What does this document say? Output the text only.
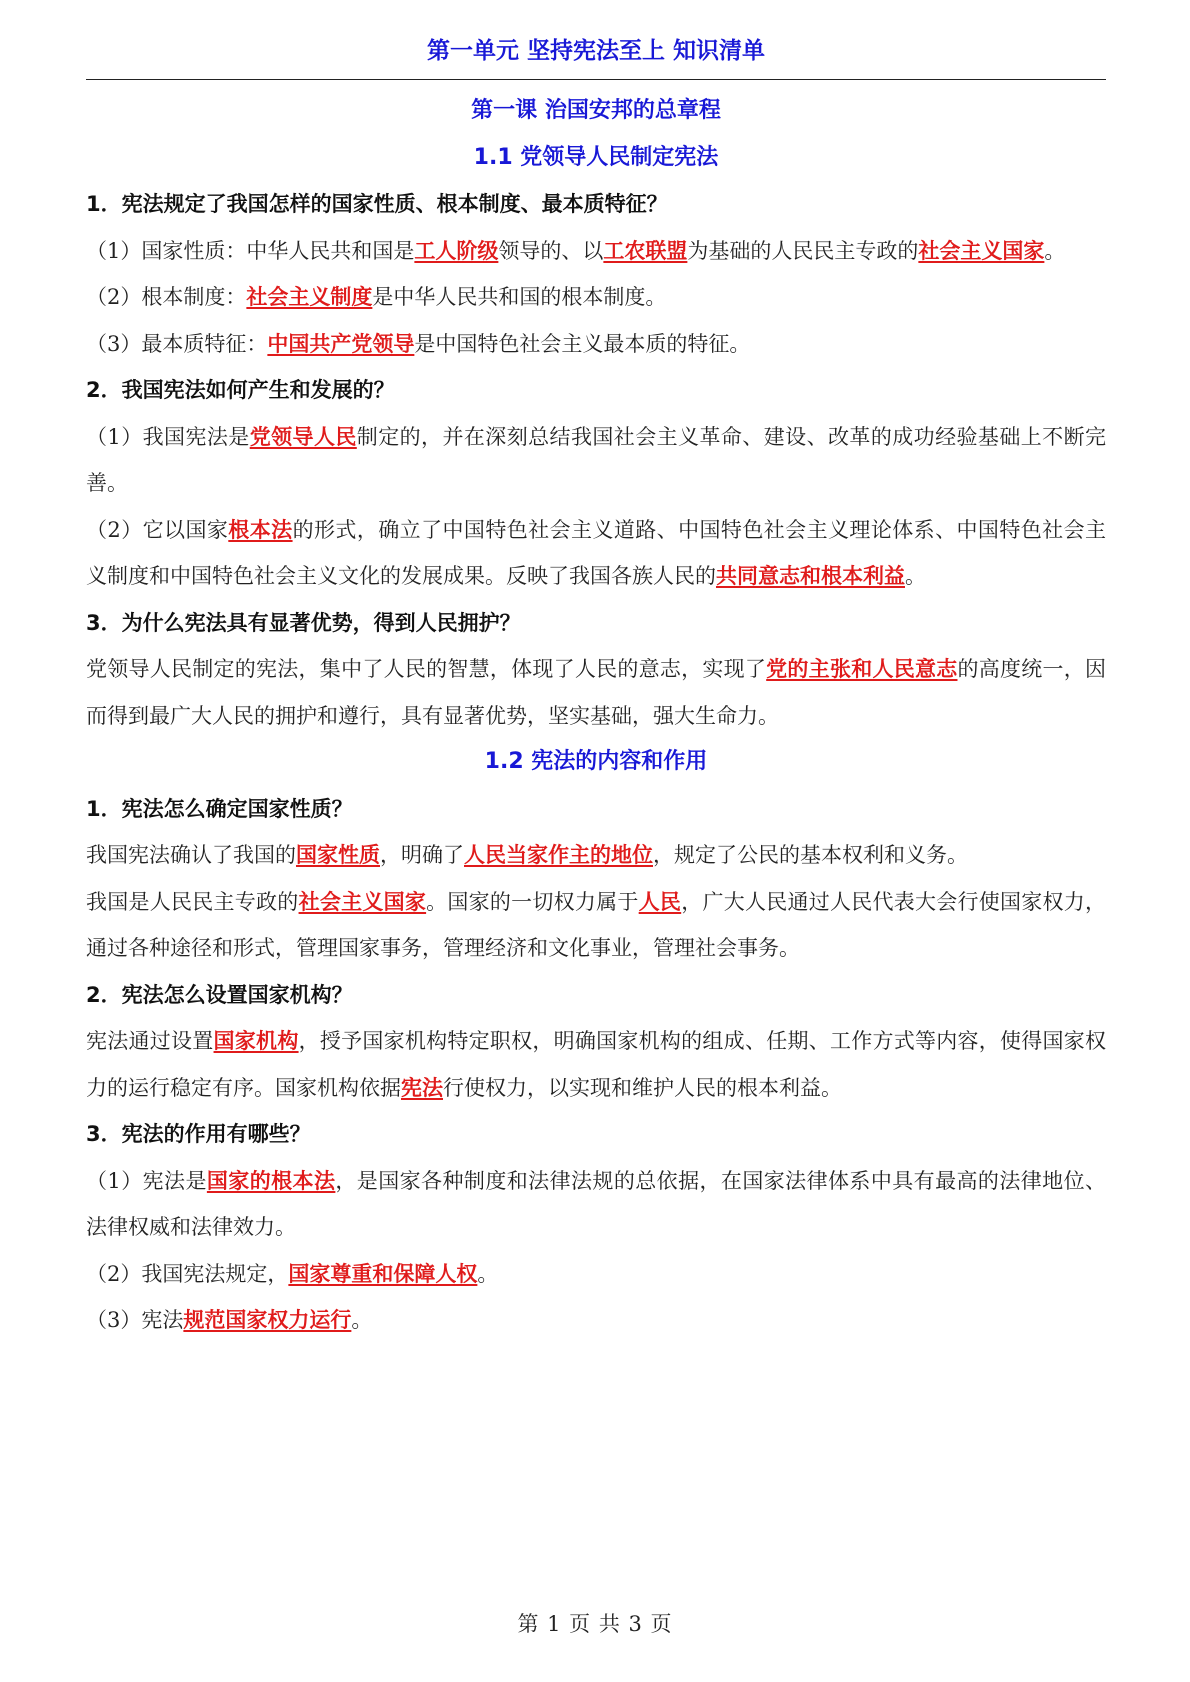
第一单元 坚持宪法至上 知识清单
第一课 治国安邦的总章程
1.1 党领导人民制定宪法
1．宪法规定了我国怎样的国家性质、根本制度、最本质特征？
（1）国家性质：中华人民共和国是工人阶级领导的、以工农联盟为基础的人民民主专政的社会主义国家。
（2）根本制度：社会主义制度是中华人民共和国的根本制度。
（3）最本质特征：中国共产党领导是中国特色社会主义最本质的特征。
2．我国宪法如何产生和发展的？
（1）我国宪法是党领导人民制定的，并在深刻总结我国社会主义革命、建设、改革的成功经验基础上不断完善。
（2）它以国家根本法的形式，确立了中国特色社会主义道路、中国特色社会主义理论体系、中国特色社会主义制度和中国特色社会主义文化的发展成果。反映了我国各族人民的共同意志和根本利益。
3．为什么宪法具有显著优势，得到人民拥护？
党领导人民制定的宪法，集中了人民的智慧，体现了人民的意志，实现了党的主张和人民意志的高度统一，因而得到最广大人民的拥护和遵行，具有显著优势，坚实基础，强大生命力。
1.2 宪法的内容和作用
1．宪法怎么确定国家性质？
我国宪法确认了我国的国家性质，明确了人民当家作主的地位，规定了公民的基本权利和义务。
我国是人民民主专政的社会主义国家。国家的一切权力属于人民，广大人民通过人民代表大会行使国家权力，通过各种途径和形式，管理国家事务，管理经济和文化事业，管理社会事务。
2．宪法怎么设置国家机构？
宪法通过设置国家机构，授予国家机构特定职权，明确国家机构的组成、任期、工作方式等内容，使得国家权力的运行稳定有序。国家机构依据宪法行使权力，以实现和维护人民的根本利益。
3．宪法的作用有哪些？
（1）宪法是国家的根本法，是国家各种制度和法律法规的总依据，在国家法律体系中具有最高的法律地位、法律权威和法律效力。
（2）我国宪法规定，国家尊重和保障人权。
（3）宪法规范国家权力运行。
第 1 页 共 3 页
